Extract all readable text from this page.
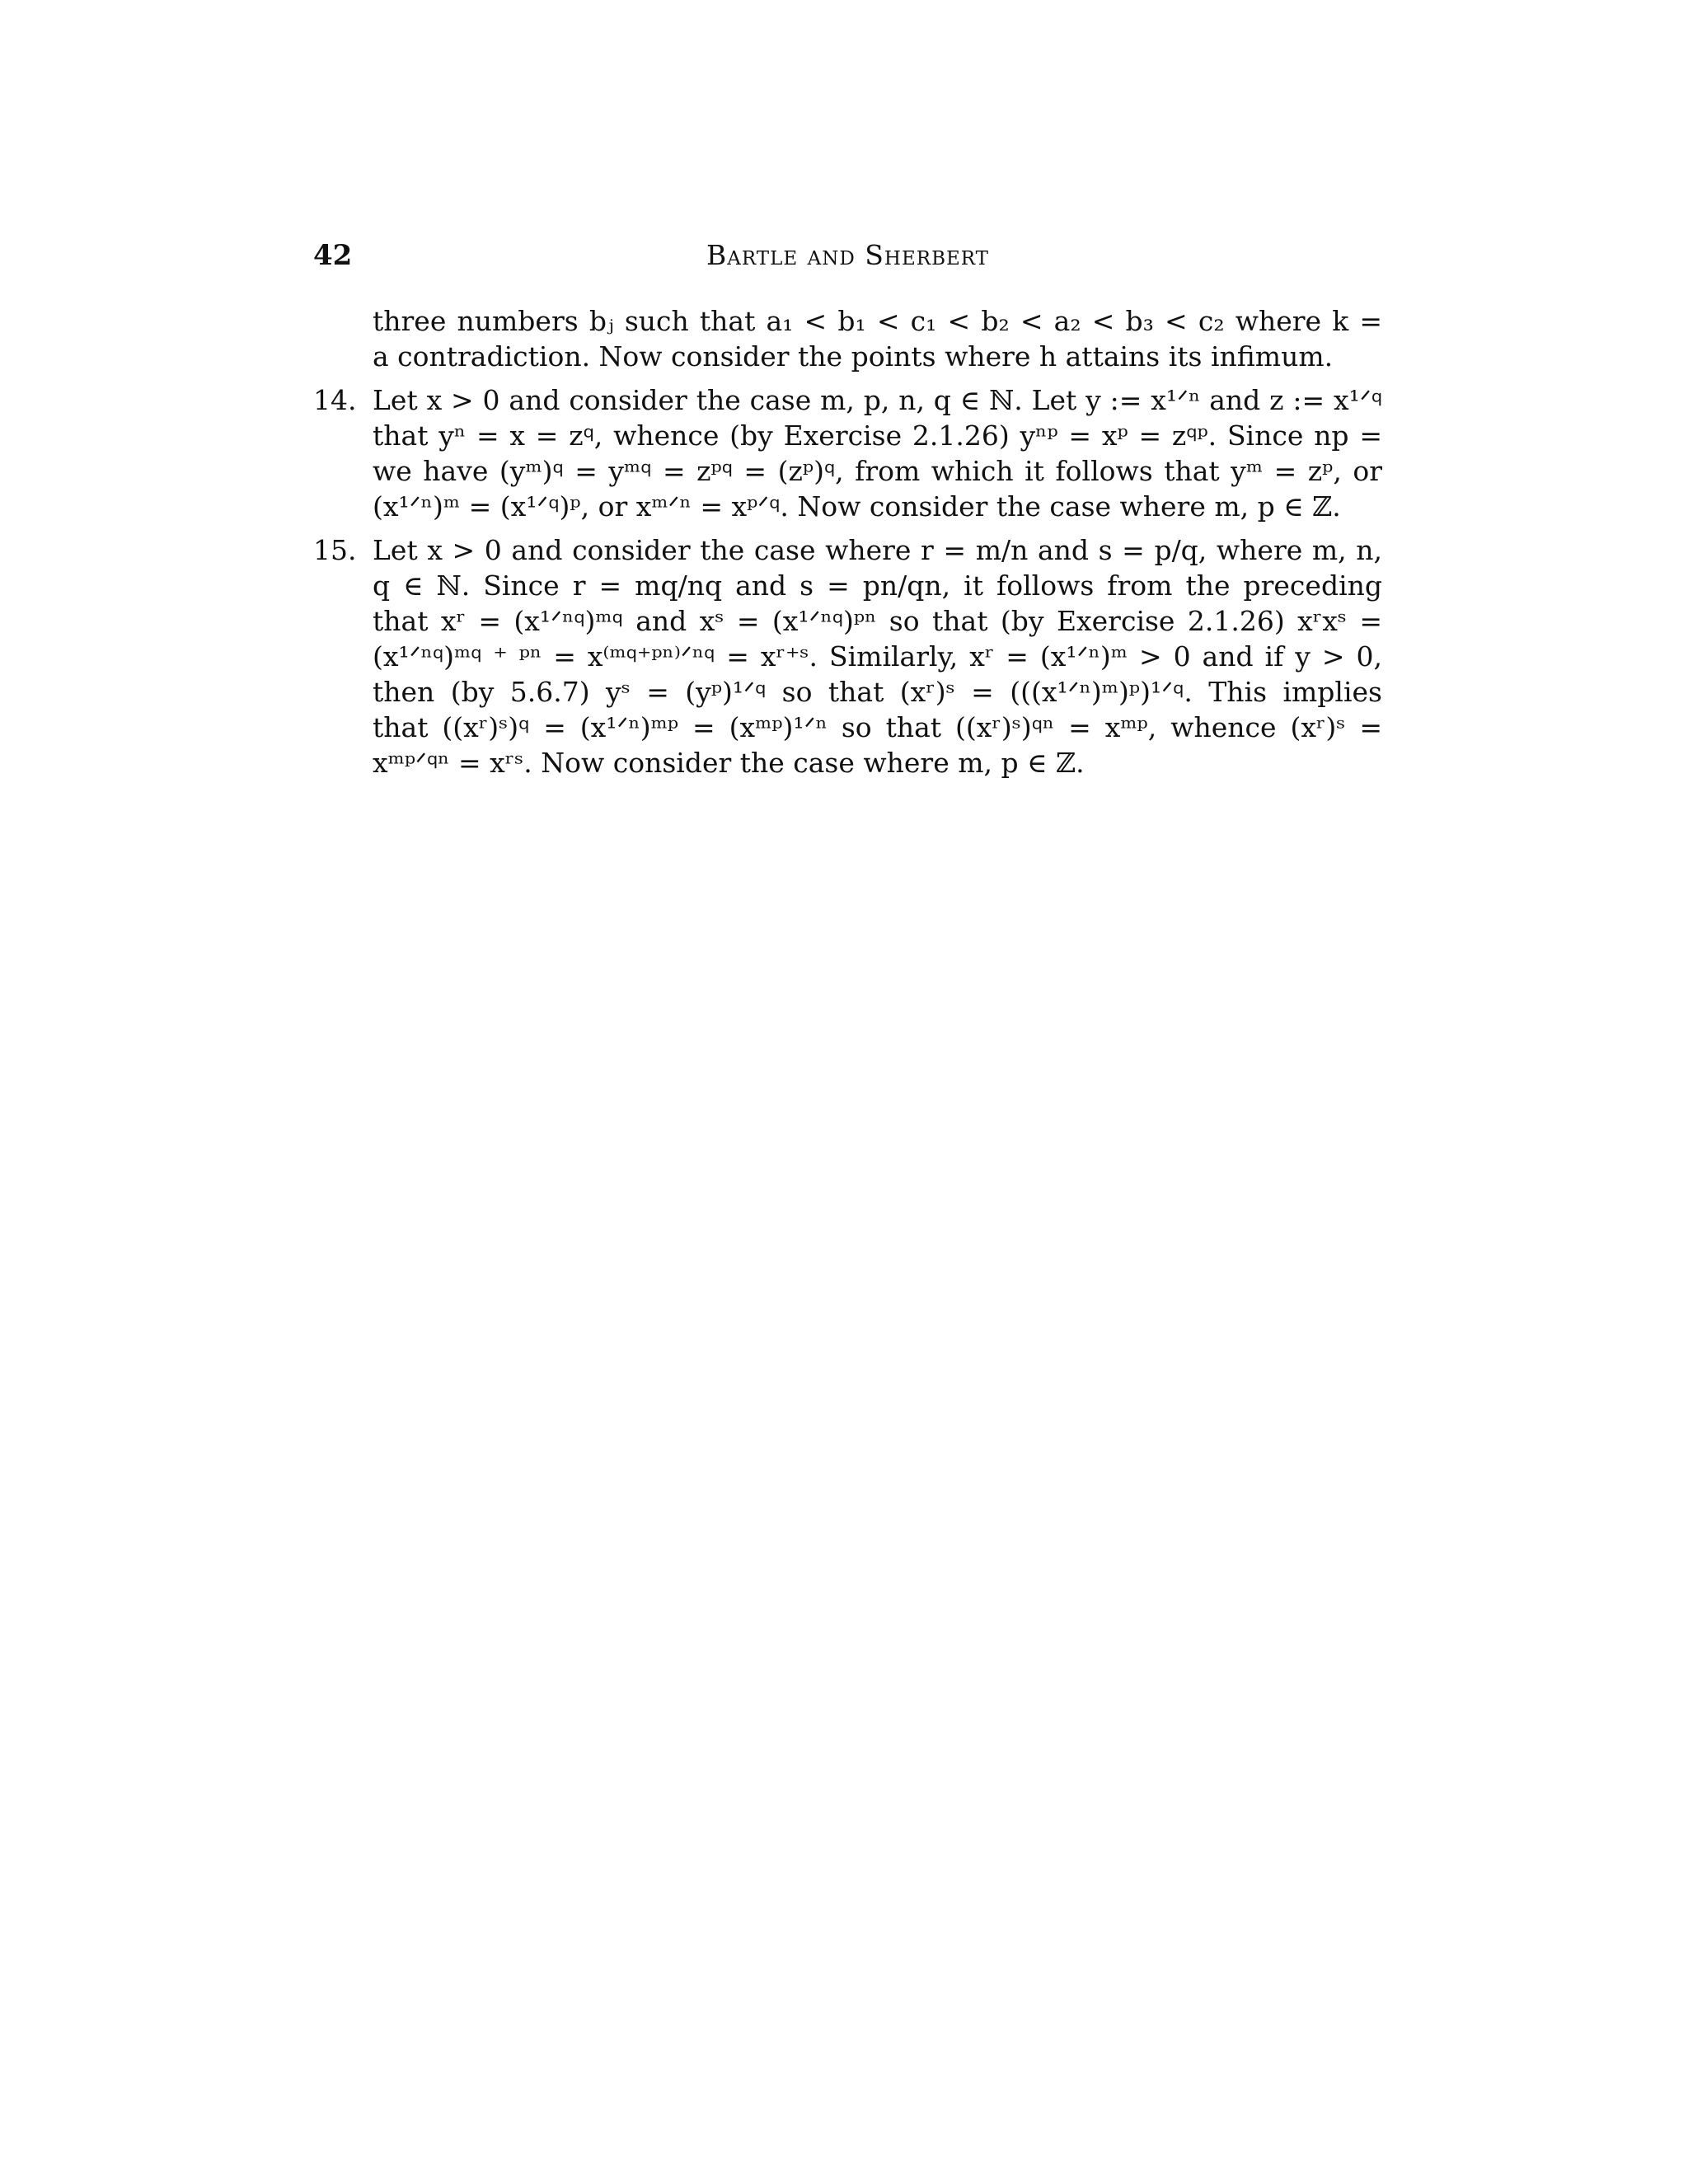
42	Bartle and Sherbert
three numbers bⱼ such that a₁ < b₁ < c₁ < b₂ < a₂ < b₃ < c₂ where k =
a contradiction. Now consider the points where h attains its infimum.
14. Let x > 0 and consider the case m, p, n, q ∈ ℕ. Let y := x¹ᐟⁿ and z := x¹ᐟ𐞥
that yⁿ = x = z𐞥, whence (by Exercise 2.1.26) yⁿᵖ = xᵖ = z𐞥ᵖ. Since np =
we have (yᵐ)𐞥 = yᵐ𐞥 = zᵖ𐞥 = (zᵖ)𐞥, from which it follows that yᵐ = zᵖ, or
(x¹ᐟⁿ)ᵐ = (x¹ᐟ𐞥)ᵖ, or xᵐᐟⁿ = xᵖᐟ𐞥. Now consider the case where m, p ∈ ℤ.
15. Let x > 0 and consider the case where r = m/n and s = p/q, where m, n,
q ∈ ℕ. Since r = mq/nq and s = pn/qn, it follows from the preceding
that xʳ = (x¹ᐟⁿ𐞥)ᵐ𐞥 and xˢ = (x¹ᐟⁿ𐞥)ᵖⁿ so that (by Exercise 2.1.26) xʳxˢ =
(x¹ᐟⁿ𐞥)ᵐ𐞥 ⁺ ᵖⁿ = x⁽ᵐ𐞥⁺ᵖⁿ⁾ᐟⁿ𐞥 = xʳ⁺ˢ. Similarly, xʳ = (x¹ᐟⁿ)ᵐ > 0 and if y > 0,
then (by 5.6.7) yˢ = (yᵖ)¹ᐟ𐞥 so that (xʳ)ˢ = (((x¹ᐟⁿ)ᵐ)ᵖ)¹ᐟ𐞥. This implies
that ((xʳ)ˢ)𐞥 = (x¹ᐟⁿ)ᵐᵖ = (xᵐᵖ)¹ᐟⁿ so that ((xʳ)ˢ)𐞥ⁿ = xᵐᵖ, whence (xʳ)ˢ =
xᵐᵖᐟ𐞥ⁿ = xʳˢ. Now consider the case where m, p ∈ ℤ.
